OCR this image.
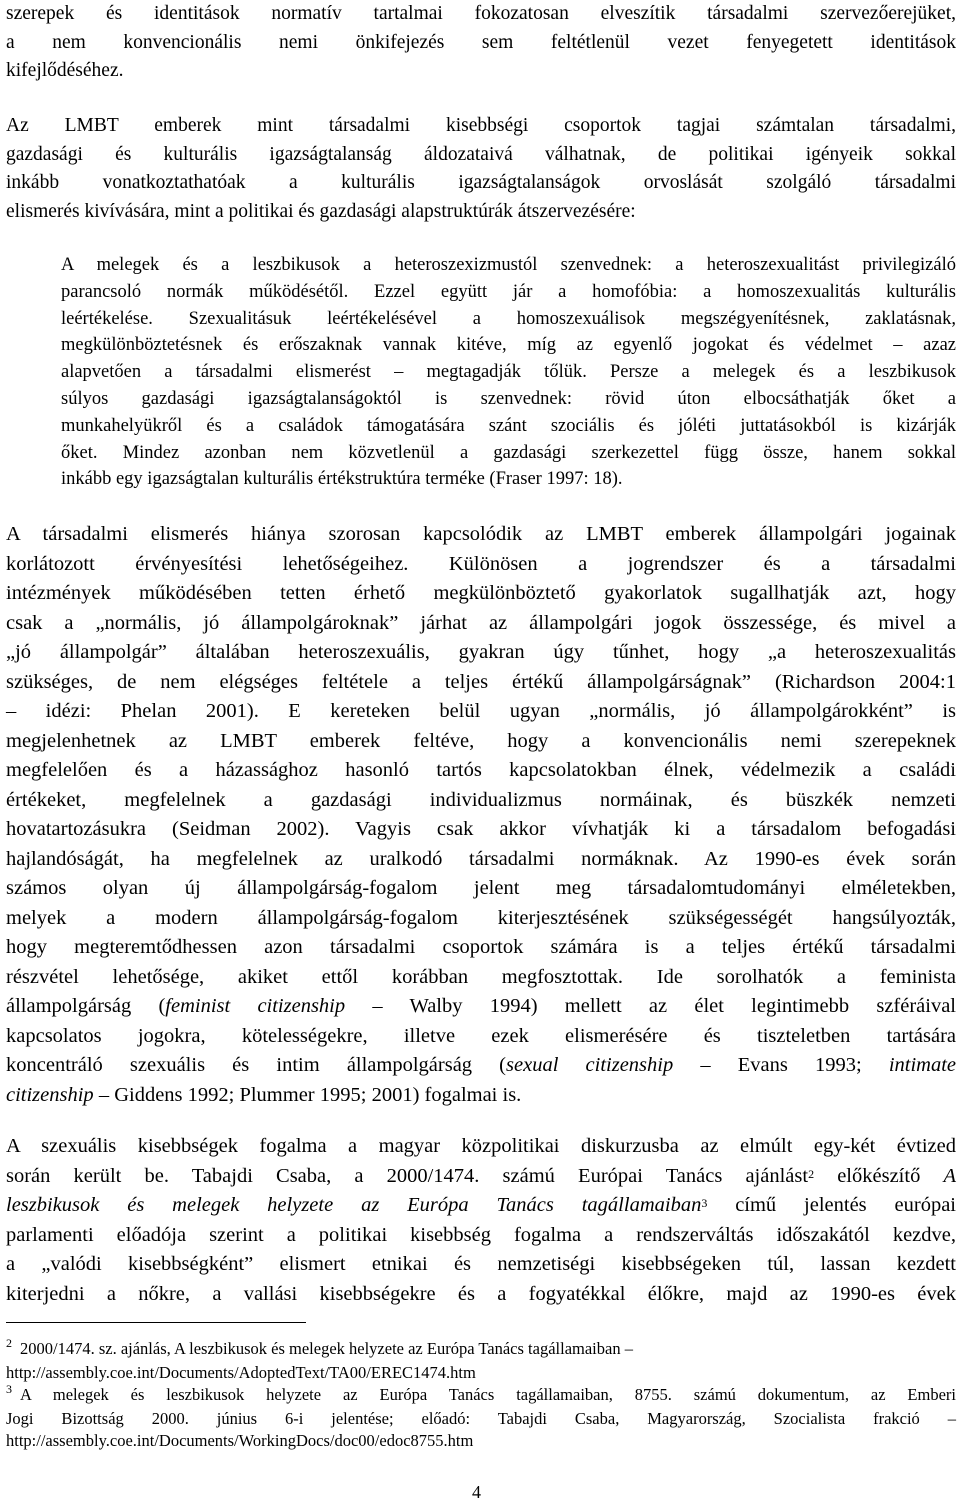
szerepek és identitások normatív tartalmai fokozatosan elveszítik társadalmi szervezőerejüket,
a nem konvencionális nemi önkifejezés sem feltétlenül vezet fenyegetett identitások
kifejlődéséhez.
Az LMBT emberek mint társadalmi kisebbségi csoportok tagjai számtalan társadalmi,
gazdasági és kulturális igazságtalanság áldozataivá válhatnak, de politikai igényeik sokkal
inkább vonatkoztathatóak a kulturális igazságtalanságok orvoslását szolgáló társadalmi
elismerés kivívására, mint a politikai és gazdasági alapstruktúrák átszervezésére:
A melegek és a leszbikusok a heteroszexizmustól szenvednek: a heteroszexualitást privilegizáló
parancsoló normák működésétől. Ezzel együtt jár a homofóbia: a homoszexualitás kulturális
leértékelése. Szexualitásuk leértékelésével a homoszexuálisok megszégyenítésnek, zaklatásnak,
megkülönböztetésnek és erőszaknak vannak kitéve, míg az egyenlő jogokat és védelmet – azaz
alapvetően a társadalmi elismerést – megtagadják tőlük. Persze a melegek és a leszbikusok
súlyos gazdasági igazságtalanságoktól is szenvednek: rövid úton elbocsáthatják őket a
munkahelyükről és a családok támogatására szánt szociális és jóléti juttatásokból is kizárják
őket. Mindez azonban nem közvetlenül a gazdasági szerkezettel függ össze, hanem sokkal
inkább egy igazságtalan kulturális értékstruktúra terméke (Fraser 1997: 18).
A társadalmi elismerés hiánya szorosan kapcsolódik az LMBT emberek állampolgári jogainak
korlátozott érvényesítési lehetőségeihez. Különösen a jogrendszer és a társadalmi
intézmények működésében tetten érhető megkülönböztető gyakorlatok sugallhatják azt, hogy
csak a „normális, jó állampolgároknak” járhat az állampolgári jogok összessége, és mivel a
„jó állampolgár” általában heteroszexuális, gyakran úgy tűnhet, hogy „a heteroszexualitás
szükséges, de nem elégséges feltétele a teljes értékű állampolgárságnak” (Richardson 2004:1
– idézi: Phelan 2001). E kereteken belül ugyan „normális, jó állampolgárokként” is
megjelenhetnek az LMBT emberek feltéve, hogy a konvencionális nemi szerepeknek
megfelelően és a házassághoz hasonló tartós kapcsolatokban élnek, védelmezik a családi
értékeket, megfelelnek a gazdasági individualizmus normáinak, és büszkék nemzeti
hovatartozásukra (Seidman 2002). Vagyis csak akkor vívhatják ki a társadalom befogadási
hajlandóságát, ha megfelelnek az uralkodó társadalmi normáknak. Az 1990-es évek során
számos olyan új állampolgárság-fogalom jelent meg társadalomtudományi elméletekben,
melyek a modern állampolgárság-fogalom kiterjesztésének szükségességét hangsúlyozták,
hogy megteremtődhessen azon társadalmi csoportok számára is a teljes értékű társadalmi
részvétel lehetősége, akiket ettől korábban megfosztottak. Ide sorolhatók a feminista
állampolgárság (feminist citizenship – Walby 1994) mellett az élet legintimebb szféráival
kapcsolatos jogokra, kötelességekre, illetve ezek elismerésére és tiszteletben tartására
koncentráló szexuális és intim állampolgárság (sexual citizenship – Evans 1993; intimate
citizenship – Giddens 1992; Plummer 1995; 2001) fogalmai is.
A szexuális kisebbségek fogalma a magyar közpolitikai diskurzusba az elmúlt egy-két évtized
során került be. Tabajdi Csaba, a 2000/1474. számú Európai Tanács ajánlást$^2$ előkészítő A
leszbikusok és melegek helyzete az Európa Tanács tagállamaiban$^3$ című jelentés európai
parlamenti előadója szerint a politikai kisebbség fogalma a rendszerváltás időszakától kezdve,
a „valódi kisebbségként” elismert etnikai és nemzetiségi kisebbségeken túl, lassan kezdett
kiterjedni a nőkre, a vallási kisebbségekre és a fogyatékkal élőkre, majd az 1990-es évek
$^2$ 2000/1474. sz. ajánlás, A leszbikusok és melegek helyzete az Európa Tanács tagállamaiban –
http://assembly.coe.int/Documents/AdoptedText/TA00/EREC1474.htm
$^3$ A melegek és leszbikusok helyzete az Európa Tanács tagállamaiban, 8755. számú dokumentum, az Emberi
Jogi Bizottság 2000. június 6-i jelentése; előadó: Tabajdi Csaba, Magyarország, Szocialista frakció –
http://assembly.coe.int/Documents/WorkingDocs/doc00/edoc8755.htm
4
